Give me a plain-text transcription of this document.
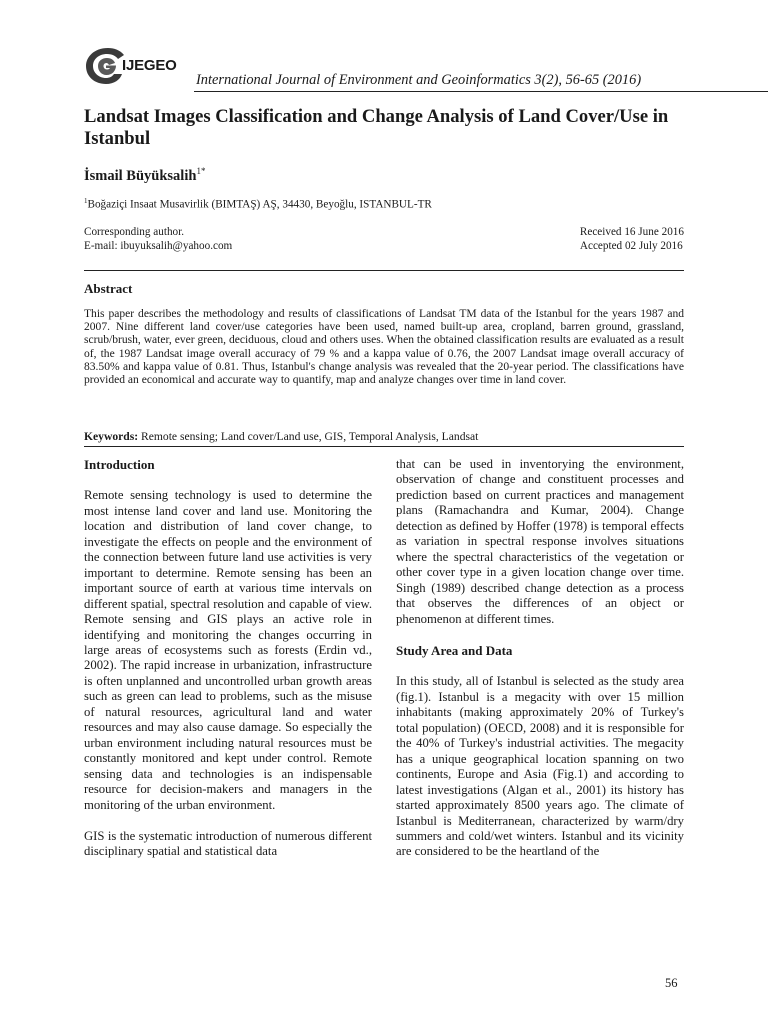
IJEGEO
International Journal of Environment and Geoinformatics 3(2), 56-65 (2016)
Landsat Images Classification and Change Analysis of Land Cover/Use in Istanbul
İsmail Büyüksalih$^{1*}$
$^1$Boğaziçi Insaat Musavirlik (BIMTAŞ) AŞ, 34430, Beyoğlu, ISTANBUL-TR
Corresponding author.
E-mail: ibuyuksalih@yahoo.com
Received 16 June 2016
Accepted 02 July 2016
Abstract
This paper describes the methodology and results of classifications of Landsat TM data of the Istanbul for the years 1987 and 2007. Nine different land cover/use categories have been used, named built-up area, cropland, barren ground, grassland, scrub/brush, water, ever green, deciduous, cloud and others uses. When the obtained classification results are evaluated as a result of, the 1987 Landsat image overall accuracy of 79 % and a kappa value of 0.76, the 2007 Landsat image overall accuracy of 83.50% and kappa value of 0.81. Thus, Istanbul's change analysis was revealed that the 20-year period. The classifications have provided an economical and accurate way to quantify, map and analyze changes over time in land cover.
Keywords: Remote sensing; Land cover/Land use, GIS, Temporal Analysis, Landsat

Introduction

Remote sensing technology is used to determine the most intense land cover and land use. Monitoring the location and distribution of land cover change, to investigate the effects on people and the environment of the connection between future land use activities is very important to determine. Remote sensing has been an important source of earth at various time intervals on different spatial, spectral resolution and capable of view. Remote sensing and GIS plays an active role in identifying and monitoring the changes occurring in large areas of ecosystems such as forests (Erdin vd., 2002). The rapid increase in urbanization, infrastructure is often unplanned and uncontrolled urban growth areas such as green can lead to problems, such as the misuse of natural resources, agricultural land and water resources and may also cause damage. So especially the urban environment including natural resources must be constantly monitored and kept under control. Remote sensing data and technologies is an indispensable resource for decision-makers and managers in the monitoring of the urban environment.

GIS is the systematic introduction of numerous different disciplinary spatial and statistical data

that can be used in inventorying the environment, observation of change and constituent processes and prediction based on current practices and management plans (Ramachandra and Kumar, 2004). Change detection as defined by Hoffer (1978) is temporal effects as variation in spectral response involves situations where the spectral characteristics of the vegetation or other cover type in a given location change over time. Singh (1989) described change detection as a process that observes the differences of an object or phenomenon at different times.

Study Area and Data

In this study, all of Istanbul is selected as the study area (fig.1). Istanbul is a megacity with over 15 million inhabitants (making approximately 20% of Turkey's total population) (OECD, 2008) and it is responsible for the 40% of Turkey's industrial activities. The megacity has a unique geographical location spanning on two continents, Europe and Asia (Fig.1) and according to latest investigations (Algan et al., 2001) its history has started approximately 8500 years ago. The climate of Istanbul is Mediterranean, characterized by warm/dry summers and cold/wet winters. Istanbul and its vicinity are considered to be the heartland of the

56
